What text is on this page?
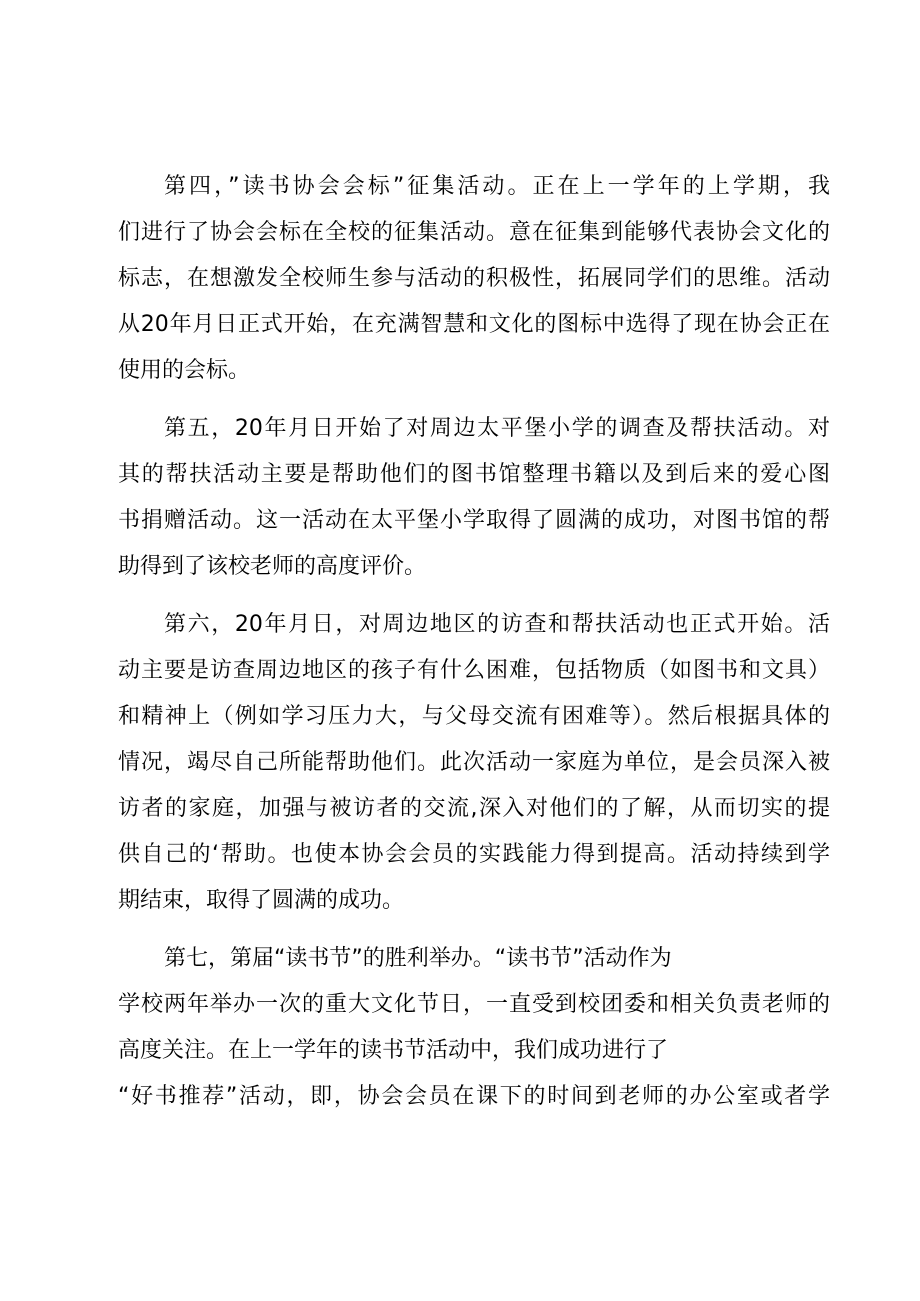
第四，”读书协会会标”征集活动。正在上一学年的上学期，我
们进行了协会会标在全校的征集活动。意在征集到能够代表协会文化的
标志，在想激发全校师生参与活动的积极性，拓展同学们的思维。活动
从20年月日正式开始，在充满智慧和文化的图标中选得了现在协会正在
使用的会标。
第五，20年月日开始了对周边太平堡小学的调查及帮扶活动。对
其的帮扶活动主要是帮助他们的图书馆整理书籍以及到后来的爱心图
书捐赠活动。这一活动在太平堡小学取得了圆满的成功，对图书馆的帮
助得到了该校老师的高度评价。
第六，20年月日，对周边地区的访查和帮扶活动也正式开始。活
动主要是访查周边地区的孩子有什么困难，包括物质（如图书和文具）
和精神上（例如学习压力大，与父母交流有困难等）。然后根据具体的
情况，竭尽自己所能帮助他们。此次活动一家庭为单位，是会员深入被
访者的家庭，加强与被访者的交流,深入对他们的了解，从而切实的提
供自己的‘帮助。也使本协会会员的实践能力得到提高。活动持续到学
期结束，取得了圆满的成功。
第七，第届“读书节”的胜利举办。“读书节”活动作为
学校两年举办一次的重大文化节日，一直受到校团委和相关负责老师的
高度关注。在上一学年的读书节活动中，我们成功进行了
“好书推荐”活动，即，协会会员在课下的时间到老师的办公室或者学
